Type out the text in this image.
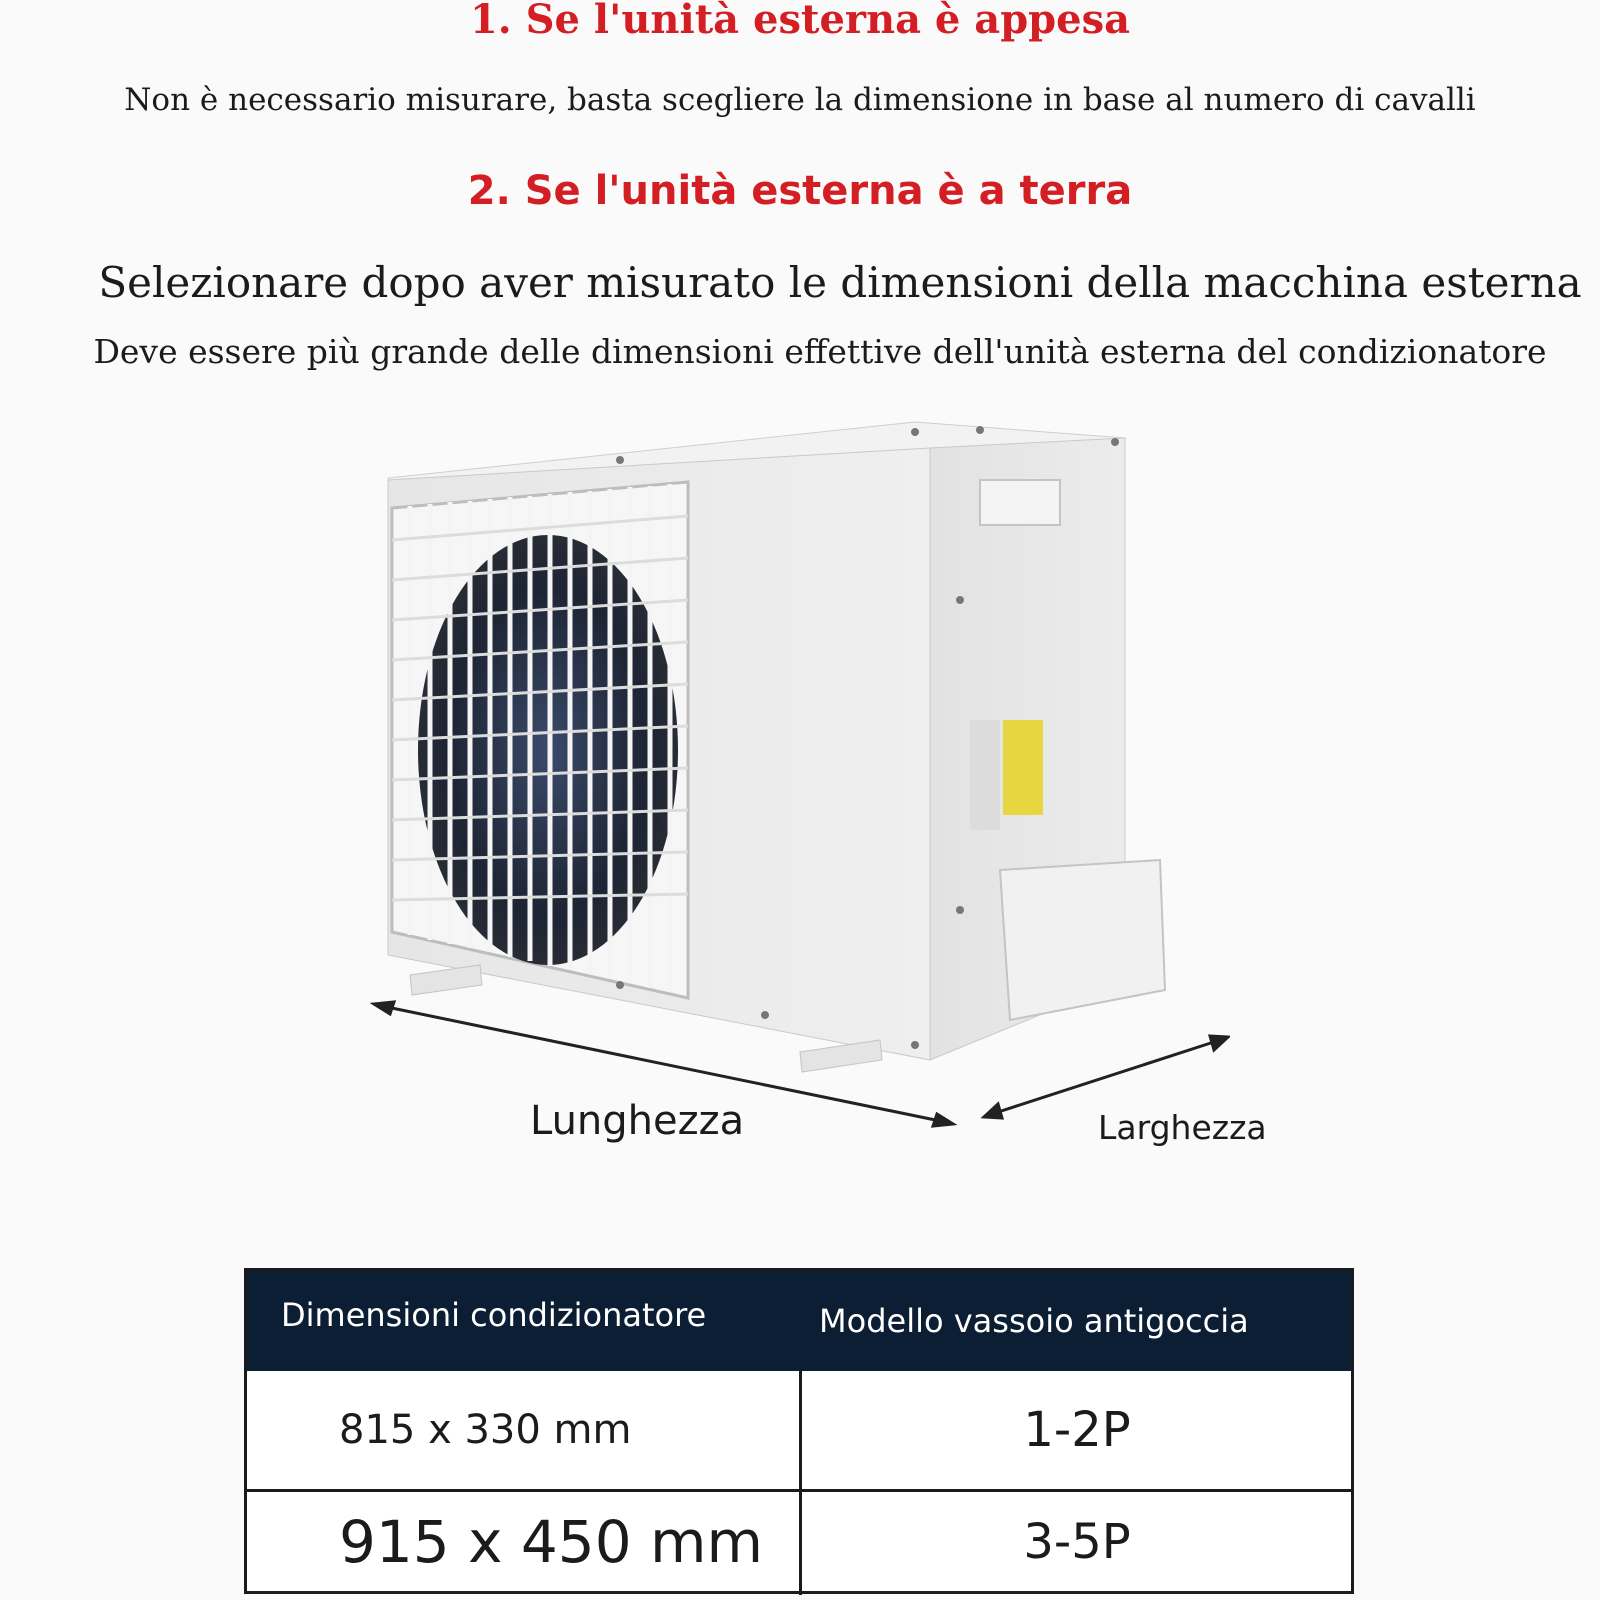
1. Se l'unità esterna è appesa
Non è necessario misurare, basta scegliere la dimensione in base al numero di cavalli
2. Se l'unità esterna è a terra
Selezionare dopo aver misurato le dimensioni della macchina esterna
Deve essere più grande delle dimensioni effettive dell'unità esterna del condizionatore
Lunghezza	Larghezza
Dimensioni condizionatore	Modello vassoio antigoccia
815 x 330 mm	1-2P
915 x 450 mm	3-5P
